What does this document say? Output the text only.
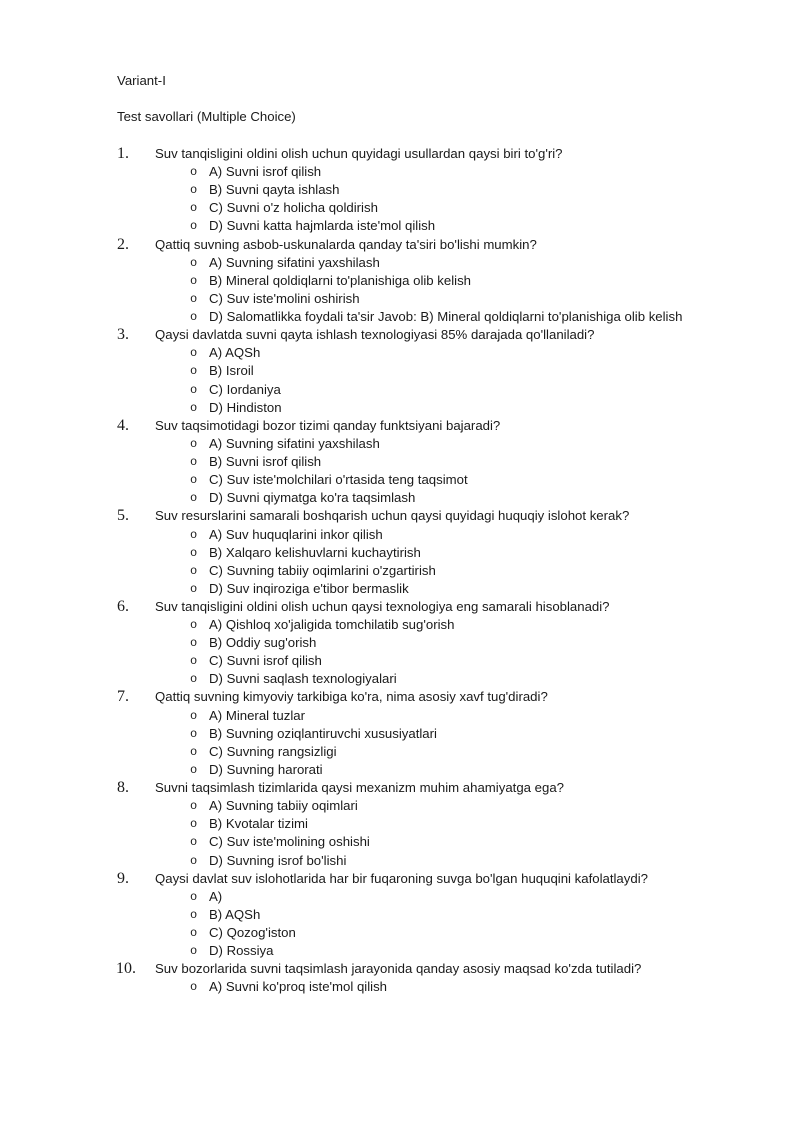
Variant-I

Test savollari (Multiple Choice)

1.	Suv tanqisligini oldini olish uchun quyidagi usullardan qaysi biri to'g'ri?
o A) Suvni isrof qilish
o B) Suvni qayta ishlash
o C) Suvni o'z holicha qoldirish
o D) Suvni katta hajmlarda iste'mol qilish
2.	Qattiq suvning asbob-uskunalarda qanday ta'siri bo'lishi mumkin?
o A) Suvning sifatini yaxshilash
o B) Mineral qoldiqlarni to'planishiga olib kelish
o C) Suv iste'molini oshirish
o D) Salomatlikka foydali ta'sir Javob: B) Mineral qoldiqlarni to'planishiga olib kelish
3.	Qaysi davlatda suvni qayta ishlash texnologiyasi 85% darajada qo'llaniladi?
o A) AQSh
o B) Isroil
o C) Iordaniya
o D) Hindiston
4.	Suv taqsimotidagi bozor tizimi qanday funktsiyani bajaradi?
o A) Suvning sifatini yaxshilash
o B) Suvni isrof qilish
o C) Suv iste'molchilari o'rtasida teng taqsimot
o D) Suvni qiymatga ko'ra taqsimlash
5.	Suv resurslarini samarali boshqarish uchun qaysi quyidagi huquqiy islohot kerak?
o A) Suv huquqlarini inkor qilish
o B) Xalqaro kelishuvlarni kuchaytirish
o C) Suvning tabiiy oqimlarini o'zgartirish
o D) Suv inqiroziga e'tibor bermaslik
6.	Suv tanqisligini oldini olish uchun qaysi texnologiya eng samarali hisoblanadi?
o A) Qishloq xo'jaligida tomchilatib sug'orish
o B) Oddiy sug'orish
o C) Suvni isrof qilish
o D) Suvni saqlash texnologiyalari
7.	Qattiq suvning kimyoviy tarkibiga ko'ra, nima asosiy xavf tug'diradi?
o A) Mineral tuzlar
o B) Suvning oziqlantiruvchi xususiyatlari
o C) Suvning rangsizligi
o D) Suvning harorati
8.	Suvni taqsimlash tizimlarida qaysi mexanizm muhim ahamiyatga ega?
o A) Suvning tabiiy oqimlari
o B) Kvotalar tizimi
o C) Suv iste'molining oshishi
o D) Suvning isrof bo'lishi
9.	Qaysi davlat suv islohotlarida har bir fuqaroning suvga bo'lgan huquqini kafolatlaydi?
o A)
o B) AQSh
o C) Qozog'iston
o D) Rossiya
10.	Suv bozorlarida suvni taqsimlash jarayonida qanday asosiy maqsad ko'zda tutiladi?
o A) Suvni ko'proq iste'mol qilish
